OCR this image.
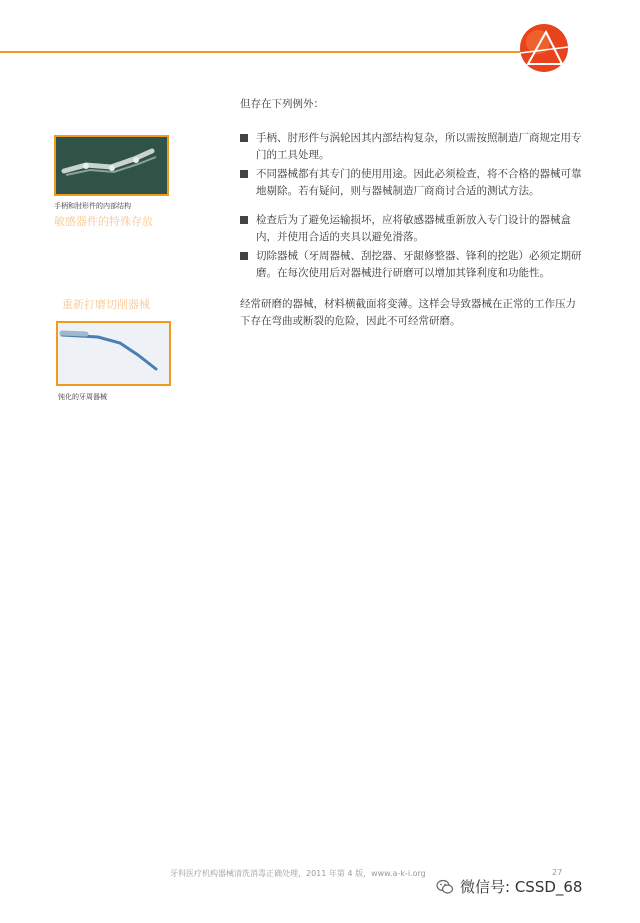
但存在下列例外：
手柄、肘形件与涡轮因其内部结构复杂，所以需按照制造厂商规定用专门的工具处理。
不同器械都有其专门的使用用途。因此必须检查，将不合格的器械可靠地剔除。若有疑问，则与器械制造厂商商讨合适的测试方法。
检查后为了避免运输损坏，应将敏感器械重新放入专门设计的器械盒内，并使用合适的夹具以避免滑落。
切除器械（牙周器械、刮挖器、牙龈修整器、锋利的挖匙）必须定期研磨。在每次使用后对器械进行研磨可以增加其锋利度和功能性。
经常研磨的器械，材料横截面将变薄。这样会导致器械在正常的工作压力下存在弯曲或断裂的危险，因此不可经常研磨。
手柄和肘形件的内部结构
敏感器件的特殊存放
重新打磨切削器械
钝化的牙周器械
牙科医疗机构器械清洗消毒正确处理，2011 年第 4 版，www.a-k-i.org	27
微信号: CSSD_68
